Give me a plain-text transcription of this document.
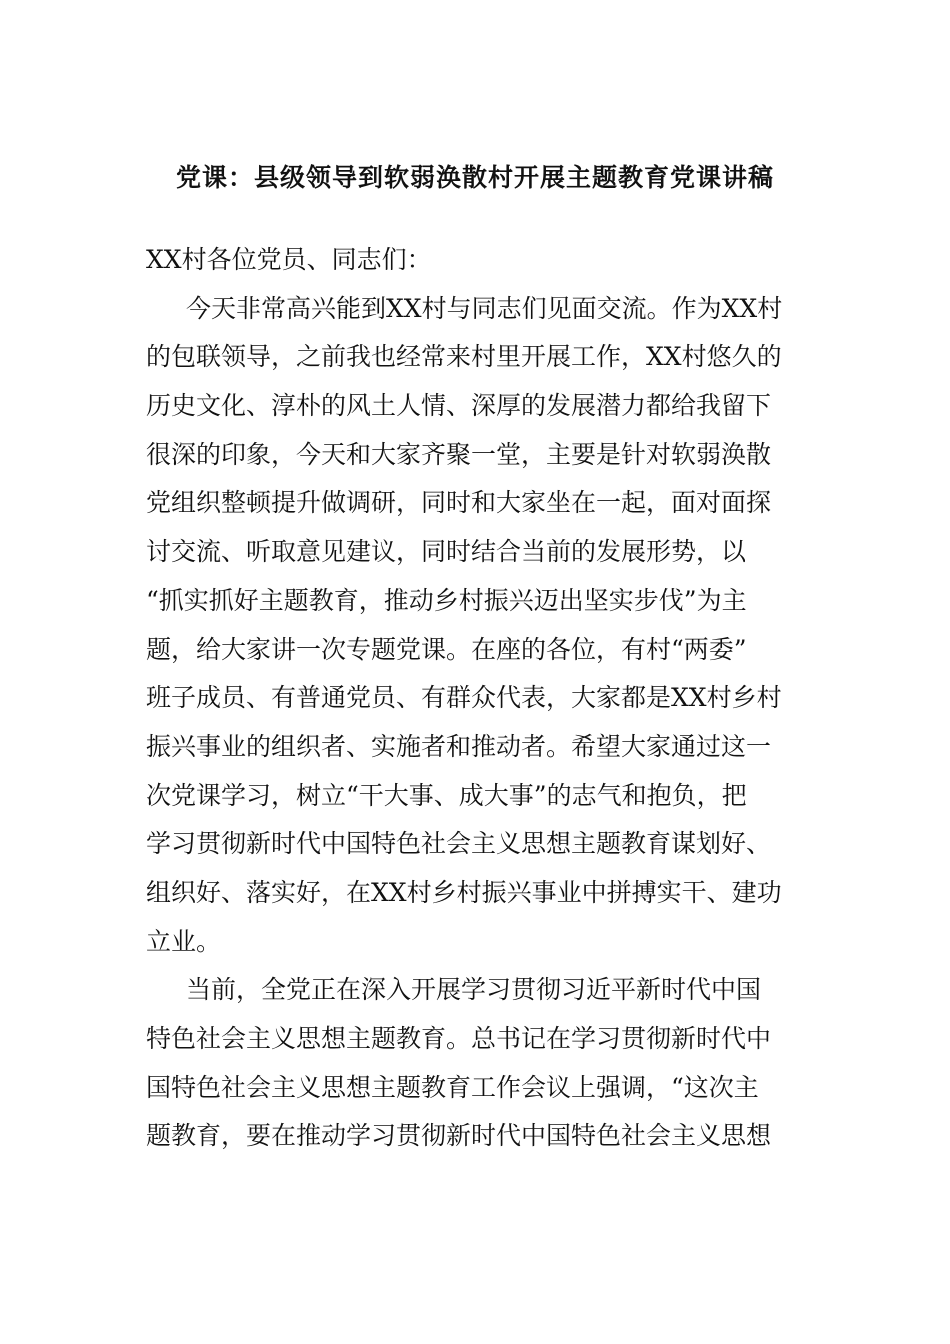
党课：县级领导到软弱涣散村开展主题教育党课讲稿
XX村各位党员、同志们：
今天非常高兴能到XX村与同志们见面交流。作为XX村
的包联领导，之前我也经常来村里开展工作，XX村悠久的
历史文化、淳朴的风土人情、深厚的发展潜力都给我留下
很深的印象，今天和大家齐聚一堂，主要是针对软弱涣散
党组织整顿提升做调研，同时和大家坐在一起，面对面探
讨交流、听取意见建议，同时结合当前的发展形势，以
“抓实抓好主题教育，推动乡村振兴迈出坚实步伐”为主
题，给大家讲一次专题党课。在座的各位，有村“两委”
班子成员、有普通党员、有群众代表，大家都是XX村乡村
振兴事业的组织者、实施者和推动者。希望大家通过这一
次党课学习，树立“干大事、成大事”的志气和抱负，把
学习贯彻新时代中国特色社会主义思想主题教育谋划好、
组织好、落实好，在XX村乡村振兴事业中拼搏实干、建功
立业。
当前，全党正在深入开展学习贯彻习近平新时代中国
特色社会主义思想主题教育。总书记在学习贯彻新时代中
国特色社会主义思想主题教育工作会议上强调，“这次主
题教育，要在推动学习贯彻新时代中国特色社会主义思想
